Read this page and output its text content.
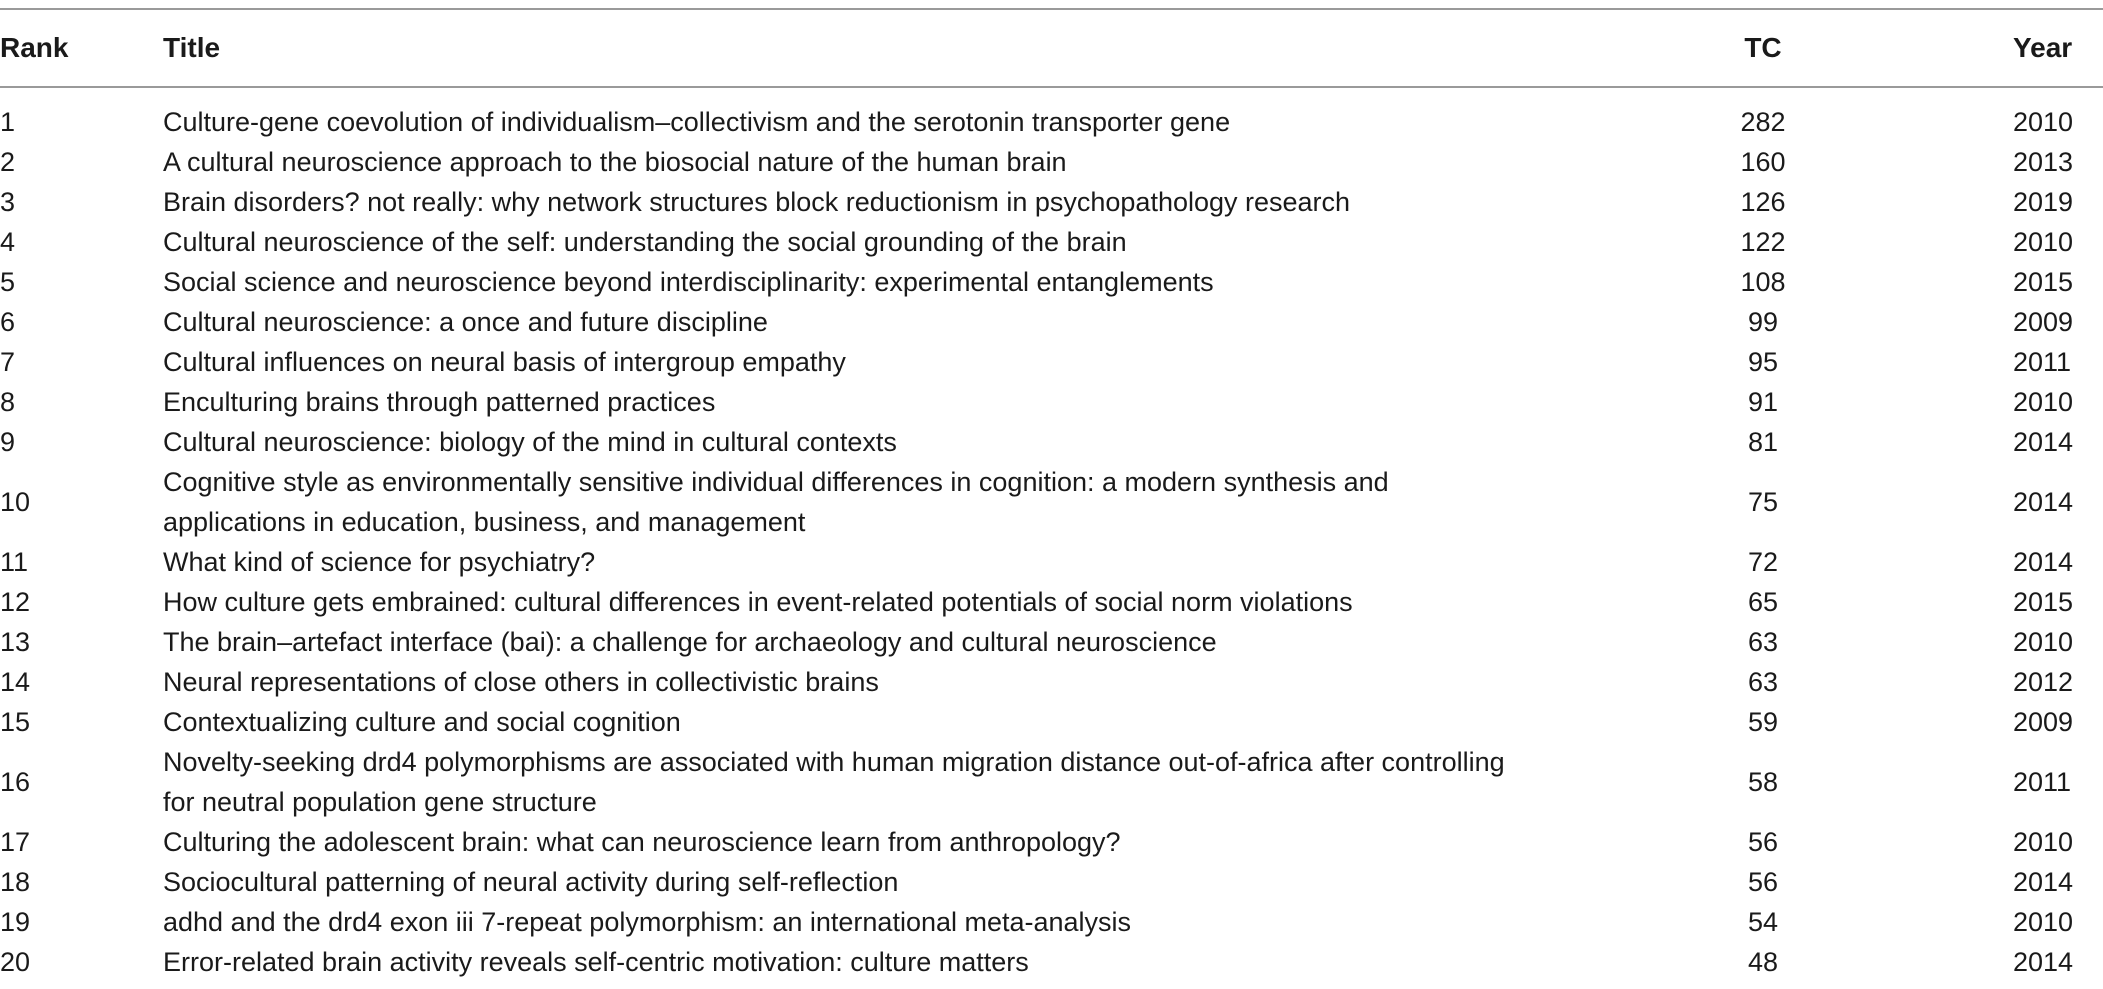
Rank	Title	TC	Year
1	Culture-gene coevolution of individualism–collectivism and the serotonin transporter gene	282	2010
2	A cultural neuroscience approach to the biosocial nature of the human brain	160	2013
3	Brain disorders? not really: why network structures block reductionism in psychopathology research	126	2019
4	Cultural neuroscience of the self: understanding the social grounding of the brain	122	2010
5	Social science and neuroscience beyond interdisciplinarity: experimental entanglements	108	2015
6	Cultural neuroscience: a once and future discipline	99	2009
7	Cultural influences on neural basis of intergroup empathy	95	2011
8	Enculturing brains through patterned practices	91	2010
9	Cultural neuroscience: biology of the mind in cultural contexts	81	2014
10	Cognitive style as environmentally sensitive individual differences in cognition: a modern synthesis and applications in education, business, and management	75	2014
11	What kind of science for psychiatry?	72	2014
12	How culture gets embrained: cultural differences in event-related potentials of social norm violations	65	2015
13	The brain–artefact interface (bai): a challenge for archaeology and cultural neuroscience	63	2010
14	Neural representations of close others in collectivistic brains	63	2012
15	Contextualizing culture and social cognition	59	2009
16	Novelty-seeking drd4 polymorphisms are associated with human migration distance out-of-africa after controlling for neutral population gene structure	58	2011
17	Culturing the adolescent brain: what can neuroscience learn from anthropology?	56	2010
18	Sociocultural patterning of neural activity during self-reflection	56	2014
19	adhd and the drd4 exon iii 7-repeat polymorphism: an international meta-analysis	54	2010
20	Error-related brain activity reveals self-centric motivation: culture matters	48	2014
